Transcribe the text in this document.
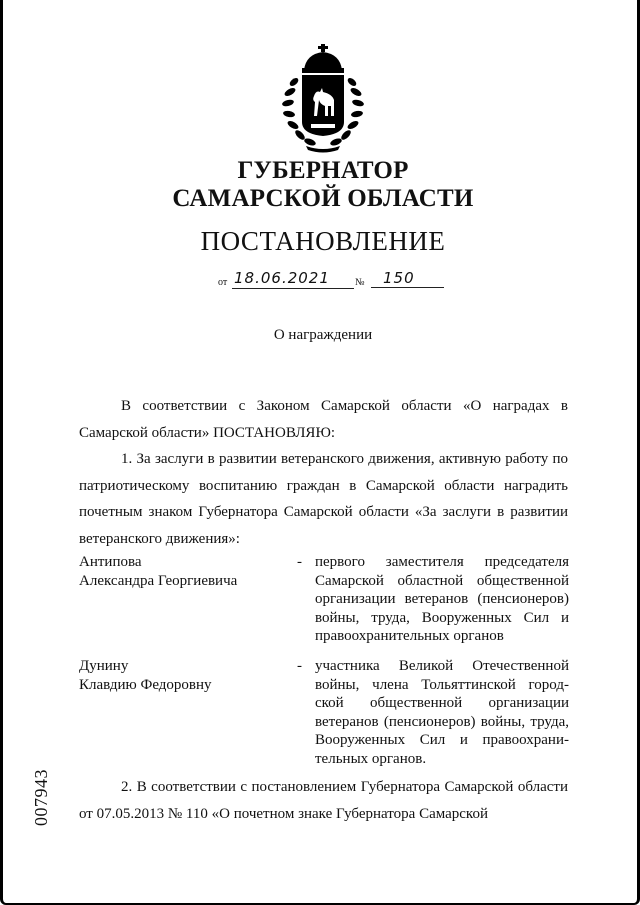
ГУБЕРНАТОР
САМАРСКОЙ ОБЛАСТИ
ПОСТАНОВЛЕНИЕ
от 18.06.2021	№	150
О награждении
В соответствии с Законом Самарской области «О наградах в Самарской области» ПОСТАНОВЛЯЮ:
1. За заслуги в развитии ветеранского движения, активную работу по патриотическому воспитанию граждан в Самарской области наградить почетным знаком Губернатора Самарской области «За заслуги в развитии ветеранского движения»:
Антипова
Александра Георгиевича
- первого заместителя председателя
Самарской областной общественной
организации ветеранов (пенсионеров)
войны, труда, Вооруженных Сил и
правоохранительных органов
Дунину
Клавдию Федоровну
- участника Великой Отечественной
войны, члена Тольяттинской город-
ской общественной организации
ветеранов (пенсионеров) войны, труда,
Вооруженных Сил и правоохрани-
тельных органов.
2. В соответствии с постановлением Губернатора Самарской области от 07.05.2013 № 110 «О почетном знаке Губернатора Самарской
007943
